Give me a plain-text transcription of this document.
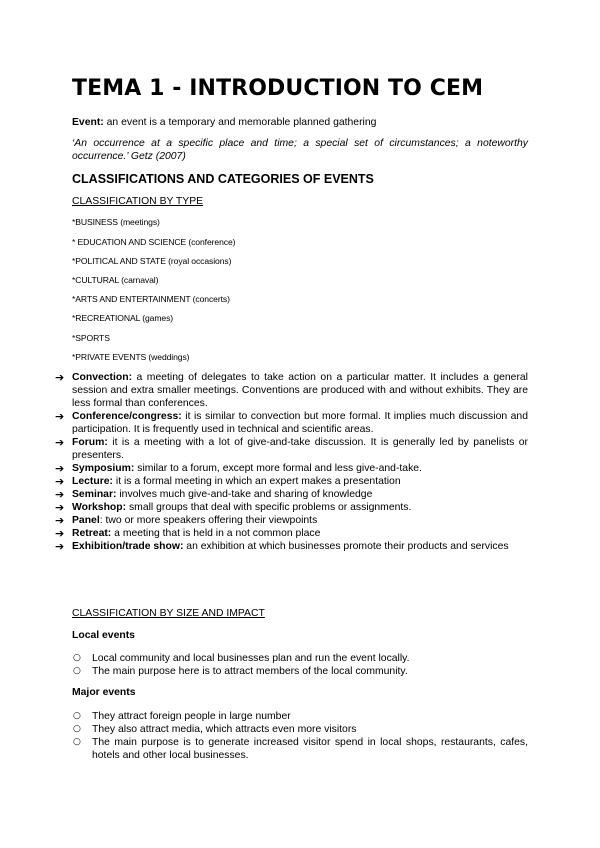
TEMA 1 - INTRODUCTION TO CEM
Event: an event is a temporary and memorable planned gathering
‘An occurrence at a specific place and time; a special set of circumstances; a noteworthy occurrence.’ Getz (2007)
CLASSIFICATIONS AND CATEGORIES OF EVENTS
CLASSIFICATION BY TYPE
*BUSINESS (meetings)
* EDUCATION AND SCIENCE (conference)
*POLITICAL AND STATE (royal occasions)
*CULTURAL (carnaval)
*ARTS AND ENTERTAINMENT (concerts)
*RECREATIONAL (games)
*SPORTS
*PRIVATE EVENTS (weddings)
➔ Convection: a meeting of delegates to take action on a particular matter. It includes a general session and extra smaller meetings. Conventions are produced with and without exhibits. They are less formal than conferences.
➔ Conference/congress: it is similar to convection but more formal. It implies much discussion and participation. It is frequently used in technical and scientific areas.
➔ Forum: it is a meeting with a lot of give-and-take discussion. It is generally led by panelists or presenters.
➔ Symposium: similar to a forum, except more formal and less give-and-take.
➔ Lecture: it is a formal meeting in which an expert makes a presentation
➔ Seminar: involves much give-and-take and sharing of knowledge
➔ Workshop: small groups that deal with specific problems or assignments.
➔ Panel: two or more speakers offering their viewpoints
➔ Retreat: a meeting that is held in a not common place
➔ Exhibition/trade show: an exhibition at which businesses promote their products and services
CLASSIFICATION BY SIZE AND IMPACT
Local events
○ Local community and local businesses plan and run the event locally.
○ The main purpose here is to attract members of the local community.
Major events
○ They attract foreign people in large number
○ They also attract media, which attracts even more visitors
○ The main purpose is to generate increased visitor spend in local shops, restaurants, cafes, hotels and other local businesses.
